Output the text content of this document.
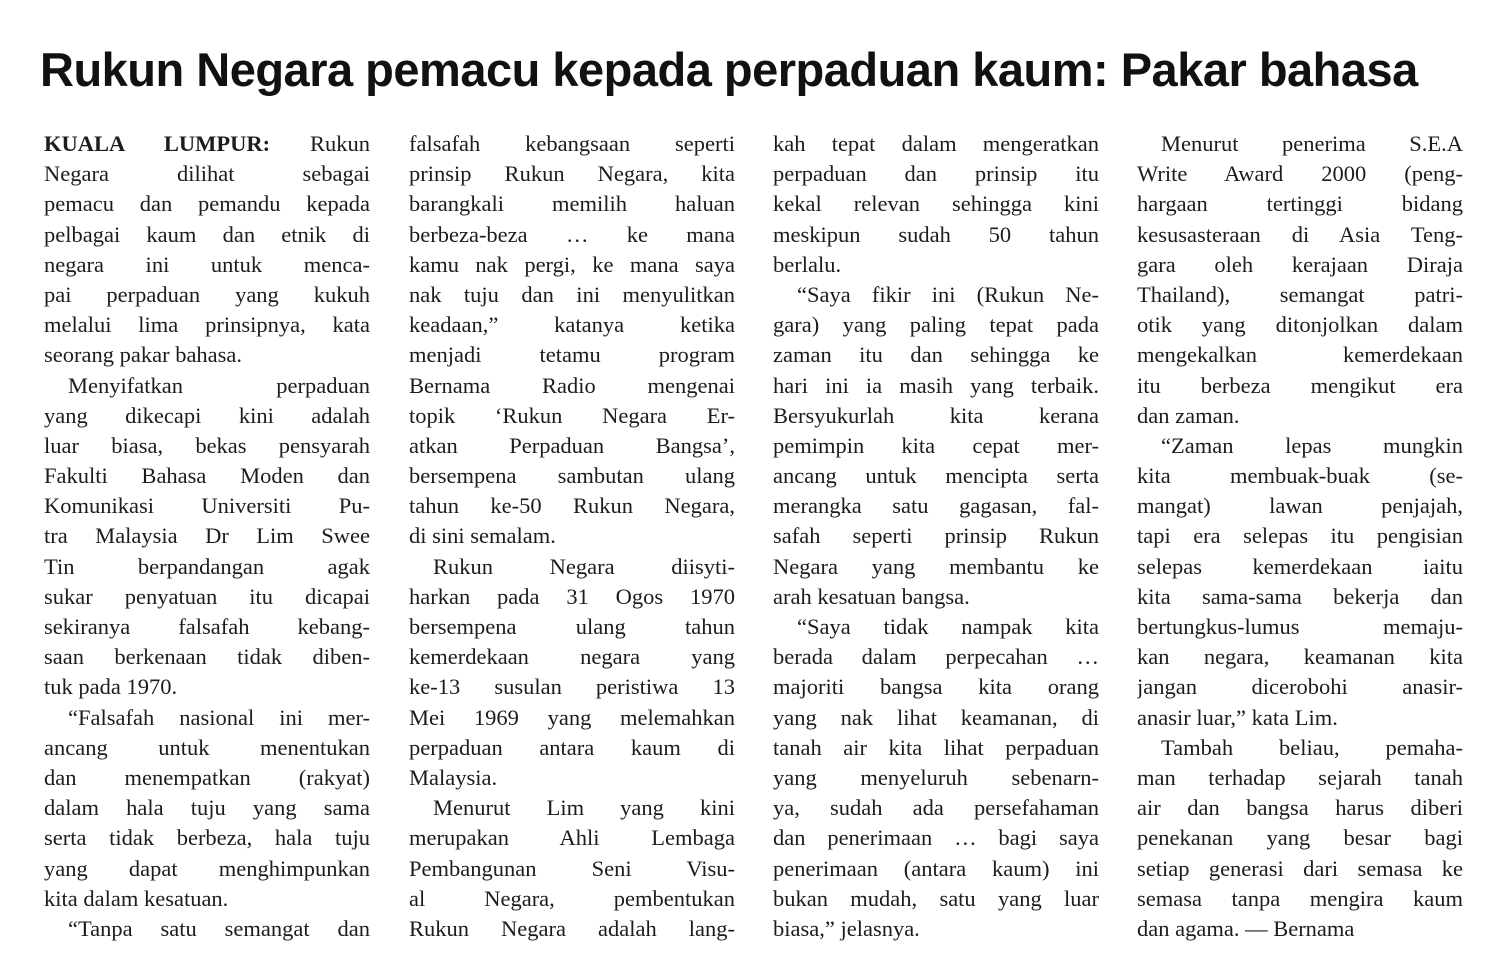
Rukun Negara pemacu kepada perpaduan kaum: Pakar bahasa
KUALA LUMPUR: Rukun
Negara dilihat sebagai
pemacu dan pemandu kepada
pelbagai kaum dan etnik di
negara ini untuk menca-
pai perpaduan yang kukuh
melalui lima prinsipnya, kata
seorang pakar bahasa.
Menyifatkan perpaduan
yang dikecapi kini adalah
luar biasa, bekas pensyarah
Fakulti Bahasa Moden dan
Komunikasi Universiti Pu-
tra Malaysia Dr Lim Swee
Tin berpandangan agak
sukar penyatuan itu dicapai
sekiranya falsafah kebang-
saan berkenaan tidak diben-
tuk pada 1970.
“Falsafah nasional ini mer-
ancang untuk menentukan
dan menempatkan (rakyat)
dalam hala tuju yang sama
serta tidak berbeza, hala tuju
yang dapat menghimpunkan
kita dalam kesatuan.
“Tanpa satu semangat dan
falsafah kebangsaan seperti
prinsip Rukun Negara, kita
barangkali memilih haluan
berbeza-beza … ke mana
kamu nak pergi, ke mana saya
nak tuju dan ini menyulitkan
keadaan,” katanya ketika
menjadi tetamu program
Bernama Radio mengenai
topik ‘Rukun Negara Er-
atkan Perpaduan Bangsa’,
bersempena sambutan ulang
tahun ke-50 Rukun Negara,
di sini semalam.
Rukun Negara diisyti-
harkan pada 31 Ogos 1970
bersempena ulang tahun
kemerdekaan negara yang
ke-13 susulan peristiwa 13
Mei 1969 yang melemahkan
perpaduan antara kaum di
Malaysia.
Menurut Lim yang kini
merupakan Ahli Lembaga
Pembangunan Seni Visu-
al Negara, pembentukan
Rukun Negara adalah lang-
kah tepat dalam mengeratkan
perpaduan dan prinsip itu
kekal relevan sehingga kini
meskipun sudah 50 tahun
berlalu.
“Saya fikir ini (Rukun Ne-
gara) yang paling tepat pada
zaman itu dan sehingga ke
hari ini ia masih yang terbaik.
Bersyukurlah kita kerana
pemimpin kita cepat mer-
ancang untuk mencipta serta
merangka satu gagasan, fal-
safah seperti prinsip Rukun
Negara yang membantu ke
arah kesatuan bangsa.
“Saya tidak nampak kita
berada dalam perpecahan …
majoriti bangsa kita orang
yang nak lihat keamanan, di
tanah air kita lihat perpaduan
yang menyeluruh sebenarn-
ya, sudah ada persefahaman
dan penerimaan … bagi saya
penerimaan (antara kaum) ini
bukan mudah, satu yang luar
biasa,” jelasnya.
Menurut penerima S.E.A
Write Award 2000 (peng-
hargaan tertinggi bidang
kesusasteraan di Asia Teng-
gara oleh kerajaan Diraja
Thailand), semangat patri-
otik yang ditonjolkan dalam
mengekalkan kemerdekaan
itu berbeza mengikut era
dan zaman.
“Zaman lepas mungkin
kita membuak-buak (se-
mangat) lawan penjajah,
tapi era selepas itu pengisian
selepas kemerdekaan iaitu
kita sama-sama bekerja dan
bertungkus-lumus memaju-
kan negara, keamanan kita
jangan dicerobohi anasir-
anasir luar,” kata Lim.
Tambah beliau, pemaha-
man terhadap sejarah tanah
air dan bangsa harus diberi
penekanan yang besar bagi
setiap generasi dari semasa ke
semasa tanpa mengira kaum
dan agama. — Bernama
